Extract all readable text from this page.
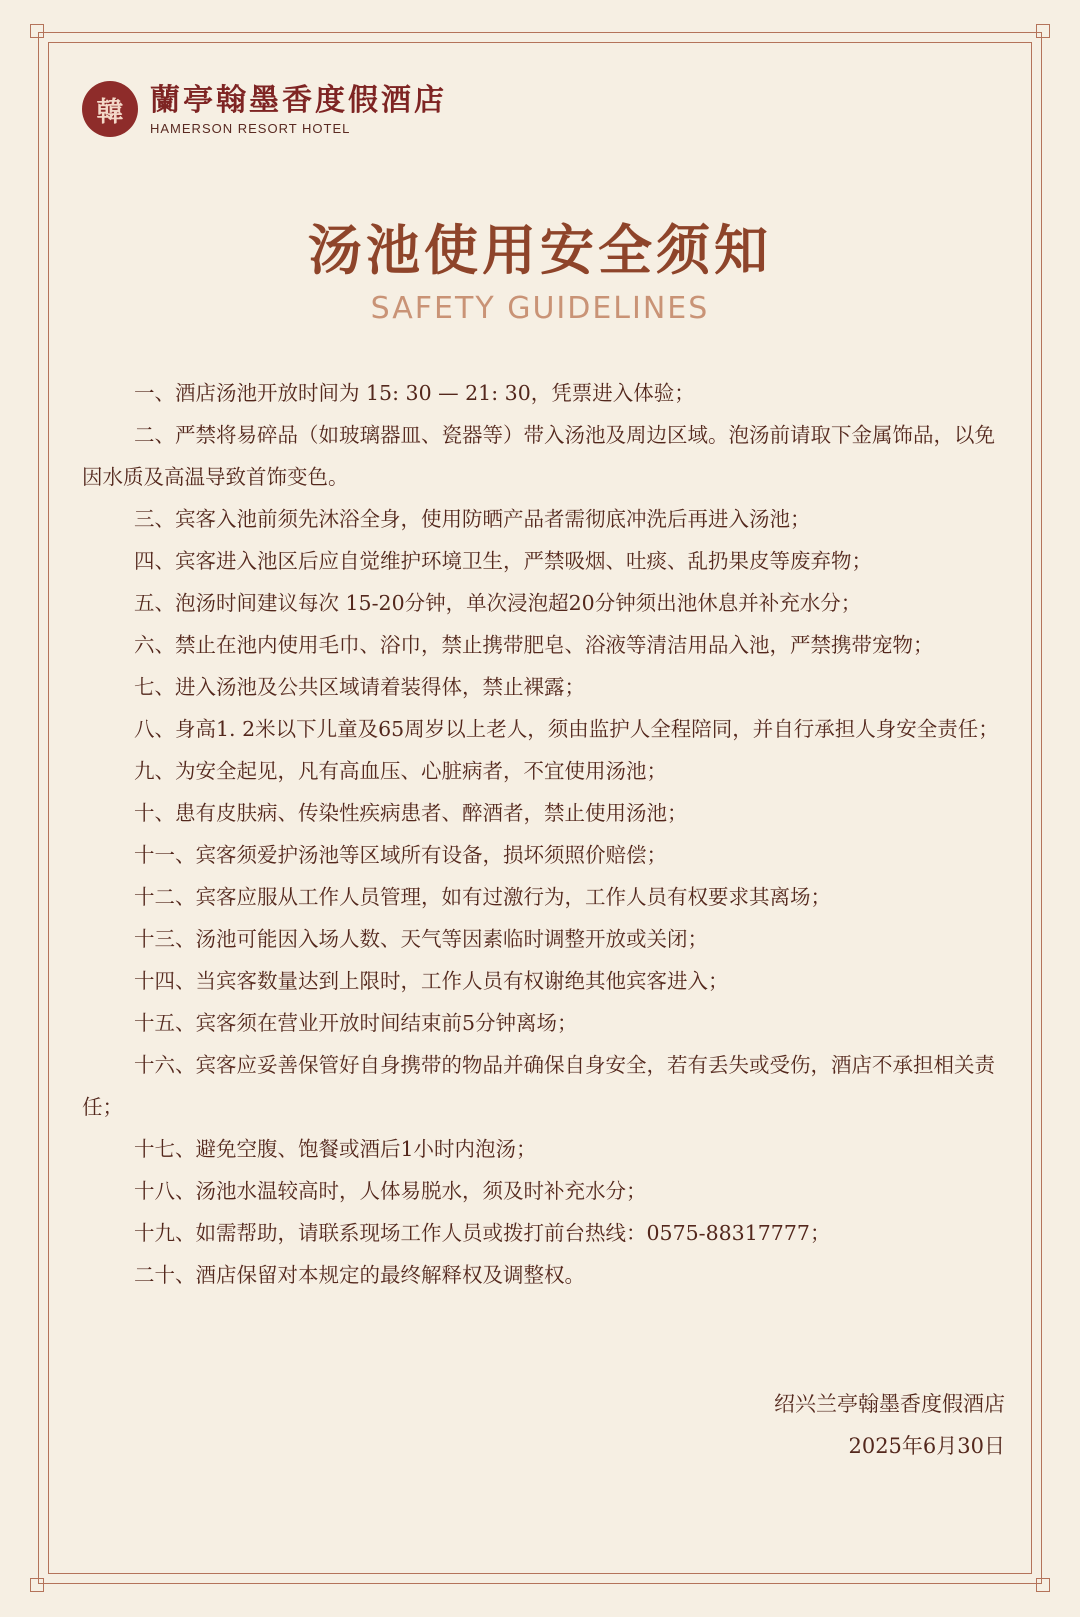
韓 蘭亭翰墨香度假酒店
HAMERSON RESORT HOTEL
汤池使用安全须知
SAFETY GUIDELINES

一、酒店汤池开放时间为 15: 30 — 21: 30，凭票进入体验；

二、严禁将易碎品（如玻璃器皿、瓷器等）带入汤池及周边区域。泡汤前请取下金属饰品，以免因水质及高温导致首饰变色。

三、宾客入池前须先沐浴全身，使用防晒产品者需彻底冲洗后再进入汤池；

四、宾客进入池区后应自觉维护环境卫生，严禁吸烟、吐痰、乱扔果皮等废弃物；

五、泡汤时间建议每次 15-20分钟，单次浸泡超20分钟须出池休息并补充水分；

六、禁止在池内使用毛巾、浴巾，禁止携带肥皂、浴液等清洁用品入池，严禁携带宠物；

七、进入汤池及公共区域请着装得体，禁止裸露；

八、身高1. 2米以下儿童及65周岁以上老人，须由监护人全程陪同，并自行承担人身安全责任；

九、为安全起见，凡有高血压、心脏病者，不宜使用汤池；

十、患有皮肤病、传染性疾病患者、醉酒者，禁止使用汤池；

十一、宾客须爱护汤池等区域所有设备，损坏须照价赔偿；

十二、宾客应服从工作人员管理，如有过激行为，工作人员有权要求其离场；

十三、汤池可能因入场人数、天气等因素临时调整开放或关闭；

十四、当宾客数量达到上限时，工作人员有权谢绝其他宾客进入；

十五、宾客须在营业开放时间结束前5分钟离场；

十六、宾客应妥善保管好自身携带的物品并确保自身安全，若有丢失或受伤，酒店不承担相关责任；

十七、避免空腹、饱餐或酒后1小时内泡汤；

十八、汤池水温较高时，人体易脱水，须及时补充水分；

十九、如需帮助，请联系现场工作人员或拨打前台热线：0575-88317777；

二十、酒店保留对本规定的最终解释权及调整权。

绍兴兰亭翰墨香度假酒店
2025年6月30日
